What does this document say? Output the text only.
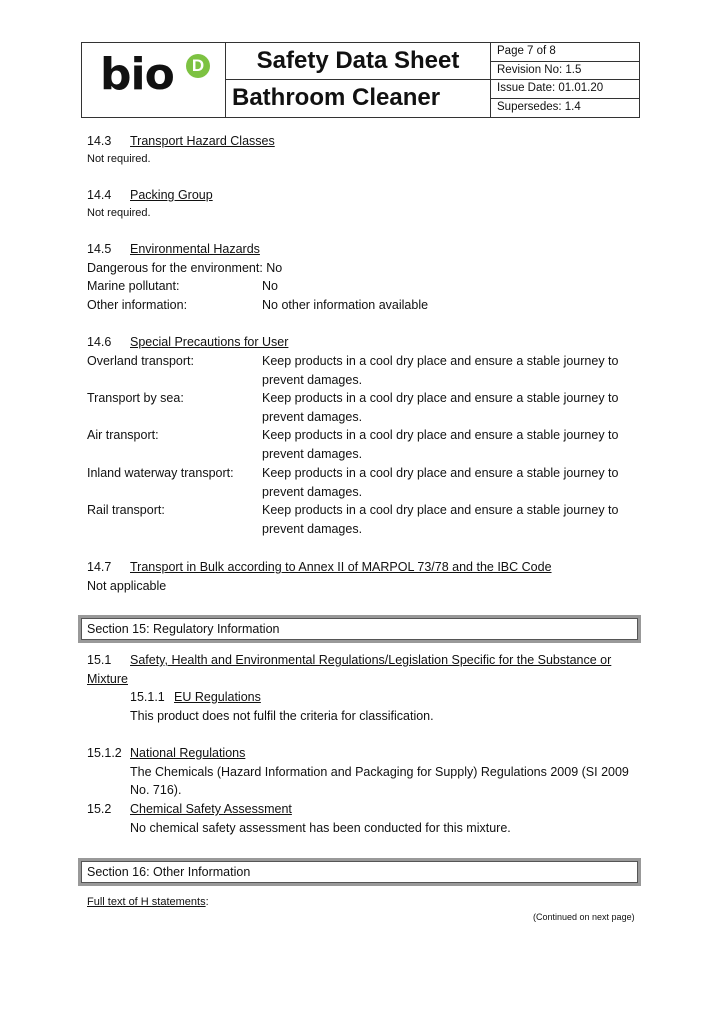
bio	D	Safety Data Sheet
Bathroom Cleaner
Page 7 of 8
Revision No: 1.5
Issue Date: 01.01.20
Supersedes: 1.4
14.3 Transport Hazard Classes
Not required.
14.4 Packing Group
Not required.
14.5 Environmental Hazards
Dangerous for the environment: No
Marine pollutant:	No
Other information:	No other information available
14.6 Special Precautions for User
Overland transport:	Keep products in a cool dry place and ensure a stable journey to
prevent damages.
Transport by sea:	Keep products in a cool dry place and ensure a stable journey to
prevent damages.
Air transport:	Keep products in a cool dry place and ensure a stable journey to
prevent damages.
Inland waterway transport: Keep products in a cool dry place and ensure a stable journey to
prevent damages.
Rail transport:	Keep products in a cool dry place and ensure a stable journey to
prevent damages.
14.7 Transport in Bulk according to Annex II of MARPOL 73/78 and the IBC Code
Not applicable
Section 15: Regulatory Information
15.1 Safety, Health and Environmental Regulations/Legislation Specific for the Substance or
Mixture
15.1.1 EU Regulations
This product does not fulfil the criteria for classification.
15.1.2 National Regulations
The Chemicals (Hazard Information and Packaging for Supply) Regulations 2009 (SI 2009
No. 716).
15.2 Chemical Safety Assessment
No chemical safety assessment has been conducted for this mixture.
Section 16: Other Information
Full text of H statements:
(Continued on next page)
